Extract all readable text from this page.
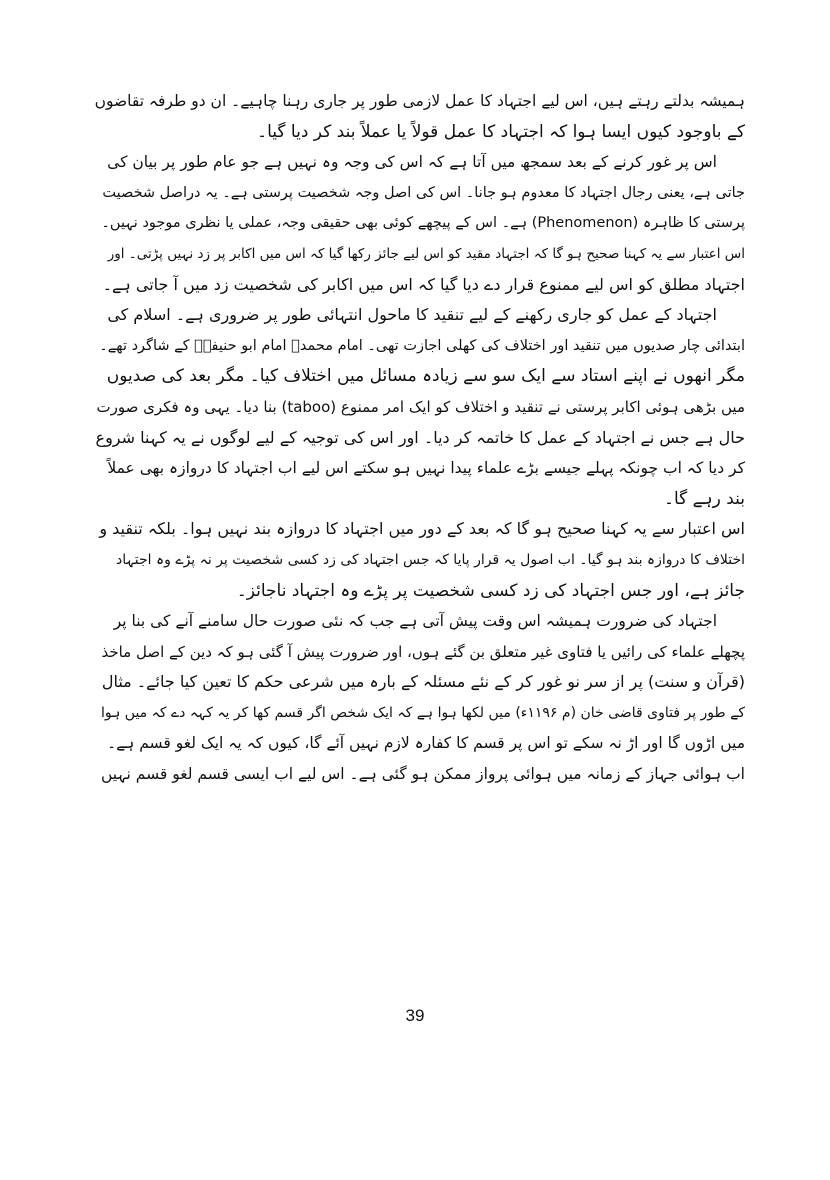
ہمیشہ بدلتے رہتے ہیں، اس لیے اجتہاد کا عمل لازمی طور پر جاری رہنا چاہیے۔ ان دو طرفہ تقاضوں
کے باوجود کیوں ایسا ہوا کہ اجتہاد کا عمل قولاً یا عملاً بند کر دیا گیا۔
اس پر غور کرنے کے بعد سمجھ میں آتا ہے کہ اس کی وجہ وہ نہیں ہے جو عام طور پر بیان کی
جاتی ہے، یعنی رجال اجتہاد کا معدوم ہو جانا۔ اس کی اصل وجہ شخصیت پرستی ہے۔ یہ دراصل شخصیت
پرستی کا ظاہرہ (Phenomenon) ہے۔ اس کے پیچھے کوئی بھی حقیقی وجہ، عملی یا نظری موجود نہیں۔
اس اعتبار سے یہ کہنا صحیح ہو گا کہ اجتہاد مقید کو اس لیے جائز رکھا گیا کہ اس میں اکابر پر زد نہیں پڑتی۔ اور
اجتہاد مطلق کو اس لیے ممنوع قرار دے دیا گیا کہ اس میں اکابر کی شخصیت زد میں آ جاتی ہے۔
اجتہاد کے عمل کو جاری رکھنے کے لیے تنقید کا ماحول انتہائی طور پر ضروری ہے۔ اسلام کی
ابتدائی چار صدیوں میں تنقید اور اختلاف کی کھلی اجازت تھی۔ امام محمدؒ امام ابو حنیفہؒ کے شاگرد تھے۔
مگر انھوں نے اپنے استاد سے ایک سو سے زیادہ مسائل میں اختلاف کیا۔ مگر بعد کی صدیوں
میں بڑھی ہوئی اکابر پرستی نے تنقید و اختلاف کو ایک امر ممنوع (taboo) بنا دیا۔ یہی وہ فکری صورت
حال ہے جس نے اجتہاد کے عمل کا خاتمہ کر دیا۔ اور اس کی توجیہ کے لیے لوگوں نے یہ کہنا شروع
کر دیا کہ اب چونکہ پہلے جیسے بڑے علماء پیدا نہیں ہو سکتے اس لیے اب اجتہاد کا دروازہ بھی عملاً
بند رہے گا۔
اس اعتبار سے یہ کہنا صحیح ہو گا کہ بعد کے دور میں اجتہاد کا دروازہ بند نہیں ہوا۔ بلکہ تنقید و
اختلاف کا دروازہ بند ہو گیا۔ اب اصول یہ قرار پایا کہ جس اجتہاد کی زد کسی شخصیت پر نہ پڑے وہ اجتہاد
جائز ہے، اور جس اجتہاد کی زد کسی شخصیت پر پڑے وہ اجتہاد ناجائز۔
اجتہاد کی ضرورت ہمیشہ اس وقت پیش آتی ہے جب کہ نئی صورت حال سامنے آنے کی بنا پر
پچھلے علماء کی رائیں یا فتاوی غیر متعلق بن گئے ہوں، اور ضرورت پیش آ گئی ہو کہ دین کے اصل ماخذ
(قرآن و سنت) پر از سر نو غور کر کے نئے مسئلہ کے بارہ میں شرعی حکم کا تعین کیا جائے۔ مثال
کے طور پر فتاوی قاضی خان (م ۱۱۹۶ء) میں لکھا ہوا ہے کہ ایک شخص اگر قسم کھا کر یہ کہہ دے کہ میں ہوا
میں اڑوں گا اور اڑ نہ سکے تو اس پر قسم کا کفارہ لازم نہیں آئے گا، کیوں کہ یہ ایک لغو قسم ہے۔
اب ہوائی جہاز کے زمانہ میں ہوائی پرواز ممکن ہو گئی ہے۔ اس لیے اب ایسی قسم لغو قسم نہیں
39
